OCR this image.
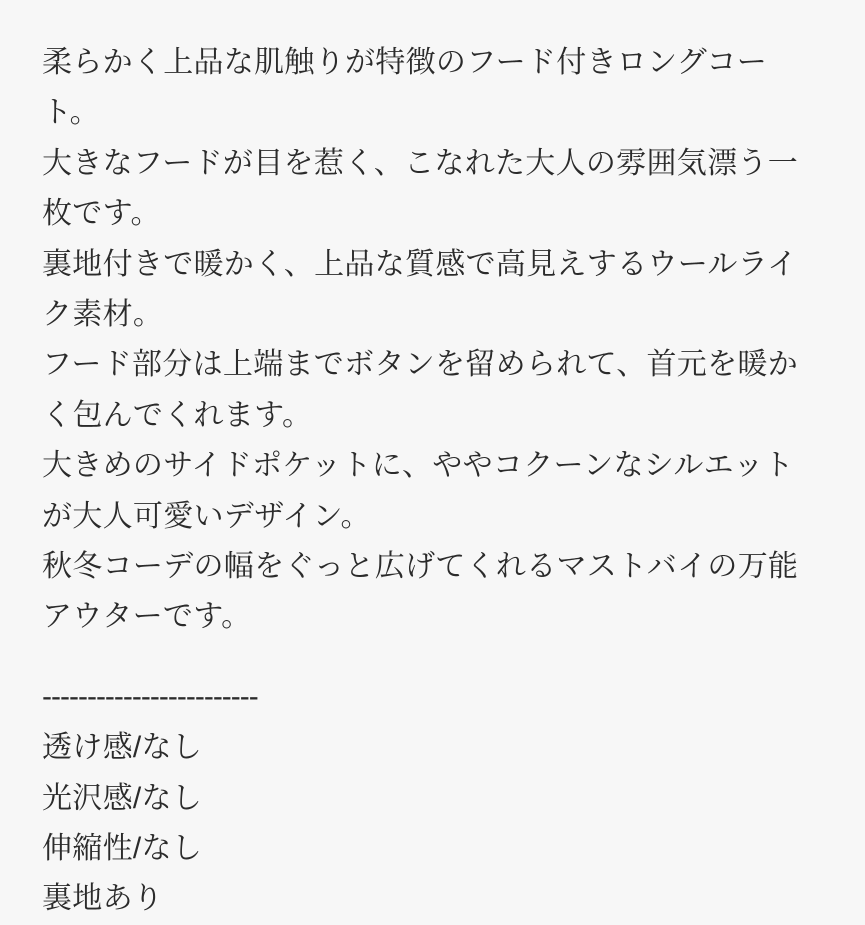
柔らかく上品な肌触りが特徴のフード付きロングコート。
大きなフードが目を惹く、こなれた大人の雰囲気漂う一枚です。
裏地付きで暖かく、上品な質感で高見えするウールライク素材。
フード部分は上端までボタンを留められて、首元を暖かく包んでくれます。
大きめのサイドポケットに、ややコクーンなシルエットが大人可愛いデザイン。
秋冬コーデの幅をぐっと広げてくれるマストバイの万能アウターです。
------------------------
透け感/なし
光沢感/なし
伸縮性/なし
裏地あり
